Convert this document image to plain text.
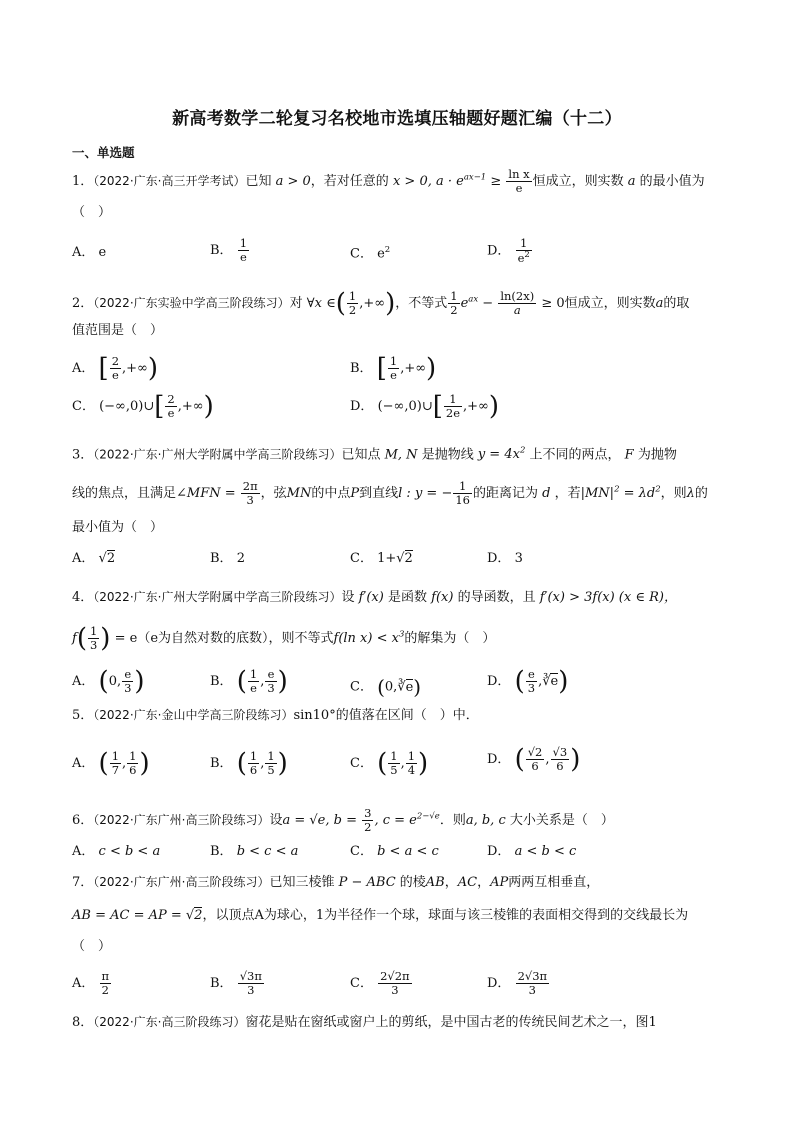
新高考数学二轮复习名校地市选填压轴题好题汇编（十二）
一、单选题
1．（2022·广东·高三开学考试）已知 a > 0，若对任意的 x > 0, $a \cdot e^{ax-1} \ge \frac{\text{ln x}}{e}$ 恒成立，则实数 a 的最小值为
（　）
A． e	B． $\frac{1}{e}$	C． $e^2$	D． $\frac{1}{e^2}$
2．（2022·广东实验中学高三阶段练习）对 ∀x ∈( $\frac{1}{2}$ ,+∞)，不等式 $\frac{1}{2} e^{ax} - \frac{\ln(2x)}{a} \ge 0$恒成立，则实数a的取
值范围是（　）
A． [ $\frac{2}{e}$ ,+∞)	B． [ $\frac{1}{e}$ ,+∞)
C． (−∞,0)∪[ $\frac{2}{e}$ ,+∞)	D． (−∞,0)∪[ $\frac{1}{2e}$ ,+∞)
3．（2022·广东·广州大学附属中学高三阶段练习）已知点 M, N 是抛物线 $y = 4x^2$ 上不同的两点， F 为抛物
线的焦点，且满足∠MFN = $\frac{2\pi}{3}$ ，弦MN的中点P到直线l : y = − $\frac{1}{16}$ 的距离记为 d ，若$|MN|^2 = \lambda d^2$，则λ的
最小值为（　）
A． √2	B． 2	C． 1+√2	D． 3
4．（2022·广东·广州大学附属中学高三阶段练习）设 f′(x) 是函数 f(x) 的导函数，且 f′(x) > 3f(x) (x ∈ R)，
$f( \frac{1}{3}$ ) = e（e为自然对数的底数），则不等式f(ln $x) < x^3$的解集为（　）
A． (0, $\frac{e}{3}$ )	B． ( $\frac{1}{e}$ , $\frac{e}{3}$ )	C． (0,∛e)	D． ( $\frac{e}{3}$ ,∛e)
5．（2022·广东·金山中学高三阶段练习）sin10°的值落在区间（　）中．
A． ( $\frac{1}{7}$ , $\frac{1}{6}$ )	B． ( $\frac{1}{6}$ , $\frac{1}{5}$ )	C． ( $\frac{1}{5}$ , $\frac{1}{4}$ )	D． ( $\frac{√2}{6}$ , $\frac{√3}{6}$ )
6．（2022·广东广州·高三阶段练习）设a = √e, $b = \frac{3}{2}$ , $c = e^{2-√e}$．则a, b, c 大小关系是（　）
A． c < b < a	B． b < c < a	C． b < a < c	D． a < b < c
7．（2022·广东广州·高三阶段练习）已知三棱锥 P − ABC 的棱AB，AC，AP两两互相垂直，
AB = AC = AP = √2，以顶点A为球心，1为半径作一个球，球面与该三棱锥的表面相交得到的交线最长为
（　）
A． $\frac{\pi}{2}$	B． $\frac{√3\pi}{3}$	C． $\frac{2√2\pi}{3}$	D． $\frac{2√3\pi}{3}$
8．（2022·广东·高三阶段练习）窗花是贴在窗纸或窗户上的剪纸，是中国古老的传统民间艺术之一，图1
